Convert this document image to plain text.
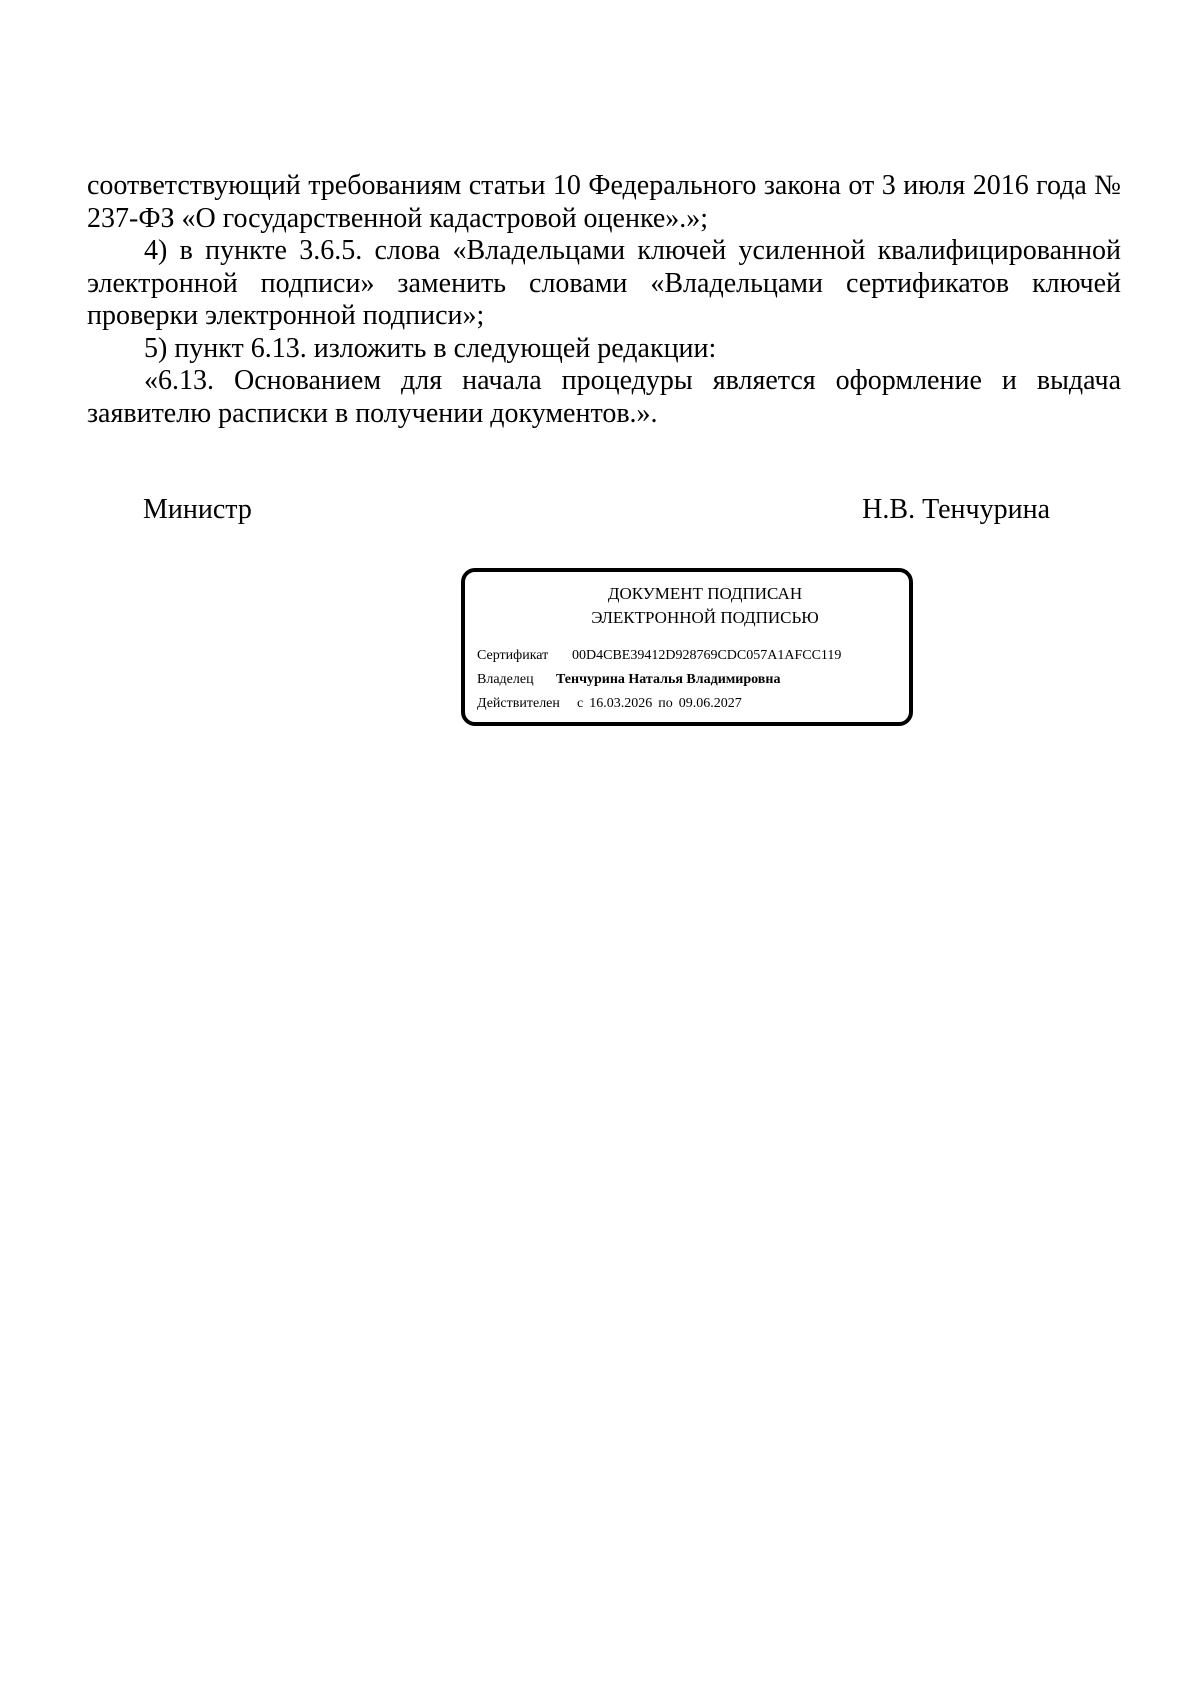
соответствующий требованиям статьи 10 Федерального закона от 3 июля 2016 года № 237-ФЗ «О государственной кадастровой оценке».»;

4) в пункте 3.6.5. слова «Владельцами ключей усиленной квалифицированной электронной подписи» заменить словами «Владельцами сертификатов ключей проверки электронной подписи»;

5) пункт 6.13. изложить в следующей редакции:

«6.13. Основанием для начала процедуры является оформление и выдача заявителю расписки в получении документов.».

Министр	Н.В. Тенчурина
ДОКУМЕНТ ПОДПИСАН
ЭЛЕКТРОННОЙ ПОДПИСЬЮ
Сертификат 00D4CBE39412D928769CDC057A1AFCC119
Владелец Тенчурина Наталья Владимировна
Действителен с 16.03.2026 по 09.06.2027
